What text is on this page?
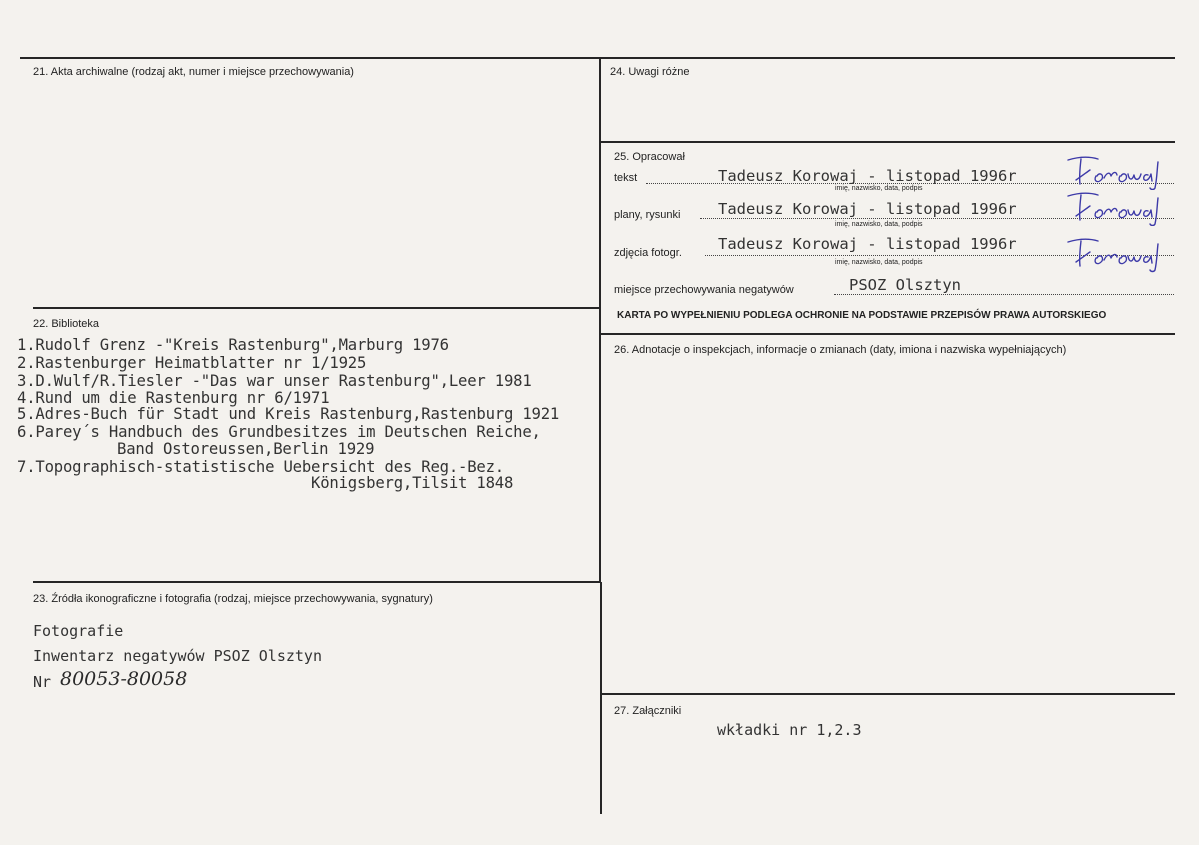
21. Akta archiwalne (rodzaj akt, numer i miejsce przechowywania)
22. Biblioteka
1.Rudolf Grenz -"Kreis Rastenburg",Marburg 1976
2.Rastenburger Heimatblatter nr 1/1925
3.D.Wulf/R.Tiesler -"Das war unser Rastenburg",Leer 1981
4.Rund um die Rastenburg nr 6/1971
5.Adres-Buch für Stadt und Kreis Rastenburg,Rastenburg 1921
6.Parey´s Handbuch des Grundbesitzes im Deutschen Reiche,
Band Ostoreussen,Berlin 1929
7.Topographisch-statistische Uebersicht des Reg.-Bez.
Königsberg,Tilsit 1848
23. Źródła ikonograficzne i fotografia (rodzaj, miejsce przechowywania, sygnatury)
Fotografie
Inwentarz negatywów PSOZ Olsztyn
Nr 80053-80058
24. Uwagi różne
25. Opracował
tekst	Tadeusz Korowaj - listopad 1996r
imię, nazwisko, data, podpis
plany, rysunki Tadeusz Korowaj - listopad 1996r
imię, nazwisko, data, podpis
zdjęcia fotogr. Tadeusz Korowaj - listopad 1996r
imię, nazwisko, data, podpis
miejsce przechowywania negatywów	PSOZ Olsztyn
KARTA PO WYPEŁNIENIU PODLEGA OCHRONIE NA PODSTAWIE PRZEPISÓW PRAWA AUTORSKIEGO
26. Adnotacje o inspekcjach, informacje o zmianach (daty, imiona i nazwiska wypełniających)
27. Załączniki
wkładki nr 1,2.3
